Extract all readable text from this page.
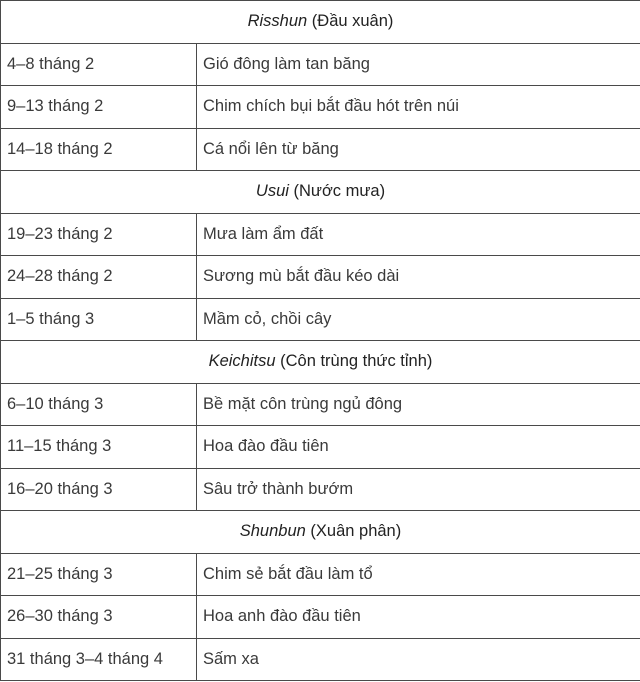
Risshun (Đầu xuân)	
4–8 tháng 2	Gió đông làm tan băng
9–13 tháng 2	Chim chích bụi bắt đầu hót trên núi
14–18 tháng 2	Cá nổi lên từ băng
Usui (Nước mưa)	
19–23 tháng 2	Mưa làm ẩm đất
24–28 tháng 2	Sương mù bắt đầu kéo dài
1–5 tháng 3	Mầm cỏ, chồi cây
Keichitsu (Côn trùng thức tỉnh)	
6–10 tháng 3	Bề mặt côn trùng ngủ đông
11–15 tháng 3	Hoa đào đầu tiên
16–20 tháng 3	Sâu trở thành bướm
Shunbun (Xuân phân)	
21–25 tháng 3	Chim sẻ bắt đầu làm tổ
26–30 tháng 3	Hoa anh đào đầu tiên
31 tháng 3–4 tháng 4	Sấm xa
